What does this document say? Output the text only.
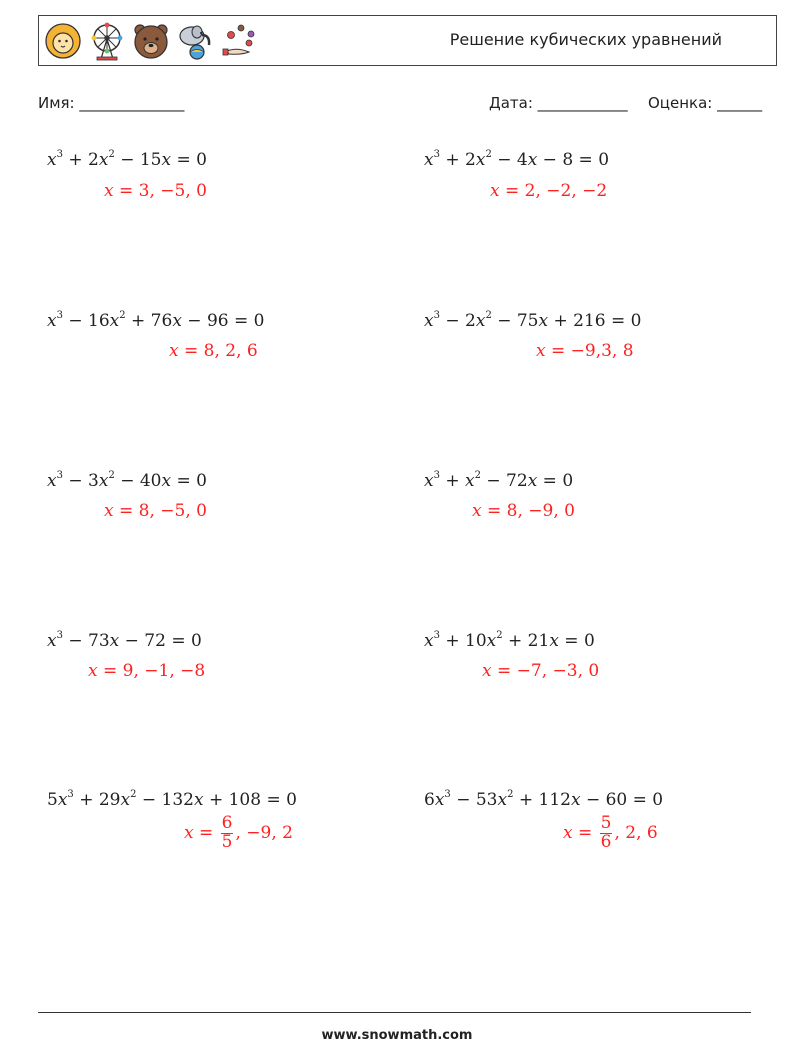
Решение кубических уравнений
Имя: ______________	Дата: ____________ Оценка: ______
$x^3 + 2x^2 - 15x = 0$
x = 3, −5, 0
$x^3 + 2x^2 - 4x - 8 = 0$
x = 2, −2, −2
$x^3 - 16x^2 + 76x - 96 = 0$
x = 8, 2, 6
$x^3 - 2x^2 - 75x + 216 = 0$
x = −9,3, 8
$x^3 - 3x^2 - 40x = 0$
x = 8, −5, 0
$x^3 + x^2 - 72x = 0$
x = 8, −9, 0
$x^3 - 73x - 72 = 0$
x = 9, −1, −8
$x^3 + 10x^2 + 21x = 0$
x = −7, −3, 0
$5x^3 + 29x^2 - 132x + 108 = 0$
$x = \frac{6}{5}$ , −9, 2
$6x^3 - 53x^2 + 112x - 60 = 0$
$x = \frac{5}{6}$ , 2, 6
www.snowmath.com
